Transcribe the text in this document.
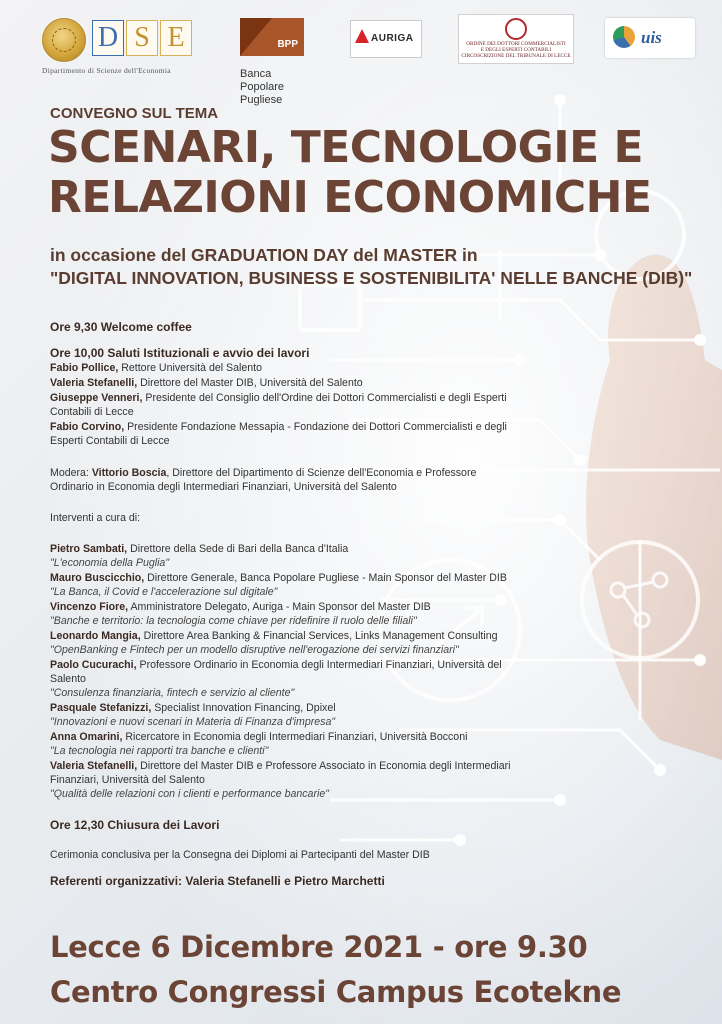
D S E
Dipartimento di Scienze dell'Economia
BPP
Banca
Popolare
Pugliese
AURIGA	ORDINE DEI DOTTORI COMMERCIALISTI
E DEGLI ESPERTI CONTABILI
CIRCOSCRIZIONE DEL TRIBUNALE DI LECCE
uis
CONVEGNO SUL TEMA
SCENARI, TECNOLOGIE E
RELAZIONI ECONOMICHE
in occasione del GRADUATION DAY del MASTER in
"DIGITAL INNOVATION, BUSINESS E SOSTENIBILITA' NELLE BANCHE (DIB)"
Ore 9,30 Welcome coffee
Ore 10,00 Saluti Istituzionali e avvio dei lavori
Fabio Pollice, Rettore Università del Salento
Valeria Stefanelli, Direttore del Master DIB, Università del Salento
Giuseppe Venneri, Presidente del Consiglio dell'Ordine dei Dottori Commercialisti e degli Esperti Contabili di Lecce
Fabio Corvino, Presidente Fondazione Messapia - Fondazione dei Dottori Commercialisti e degli Esperti Contabili di Lecce
Modera: Vittorio Boscia, Direttore del Dipartimento di Scienze dell'Economia e Professore Ordinario in Economia degli Intermediari Finanziari, Università del Salento
Interventi a cura di:
Pietro Sambati, Direttore della Sede di Bari della Banca d'Italia
"L'economia della Puglia"
Mauro Buscicchio, Direttore Generale, Banca Popolare Pugliese - Main Sponsor del Master DIB
"La Banca, il Covid e l'accelerazione sul digitale"
Vincenzo Fiore, Amministratore Delegato, Auriga - Main Sponsor del Master DIB
"Banche e territorio: la tecnologia come chiave per ridefinire il ruolo delle filiali"
Leonardo Mangia, Direttore Area Banking & Financial Services, Links Management Consulting
"OpenBanking e Fintech per un modello disruptive nell'erogazione dei servizi finanziari"
Paolo Cucurachi, Professore Ordinario in Economia degli Intermediari Finanziari, Università del Salento
"Consulenza finanziaria, fintech e servizio al cliente"
Pasquale Stefanizzi, Specialist Innovation Financing, Dpixel
"Innovazioni e nuovi scenari in Materia di Finanza d'impresa"
Anna Omarini, Ricercatore in Economia degli Intermediari Finanziari, Università Bocconi
"La tecnologia nei rapporti tra banche e clienti"
Valeria Stefanelli, Direttore del Master DIB e Professore Associato in Economia degli Intermediari Finanziari, Università del Salento
"Qualità delle relazioni con i clienti e performance bancarie"
Ore 12,30 Chiusura dei Lavori
Cerimonia conclusiva per la Consegna dei Diplomi ai Partecipanti del Master DIB
Referenti organizzativi: Valeria Stefanelli e Pietro Marchetti
Lecce 6 Dicembre 2021 - ore 9.30
Centro Congressi Campus Ecotekne
